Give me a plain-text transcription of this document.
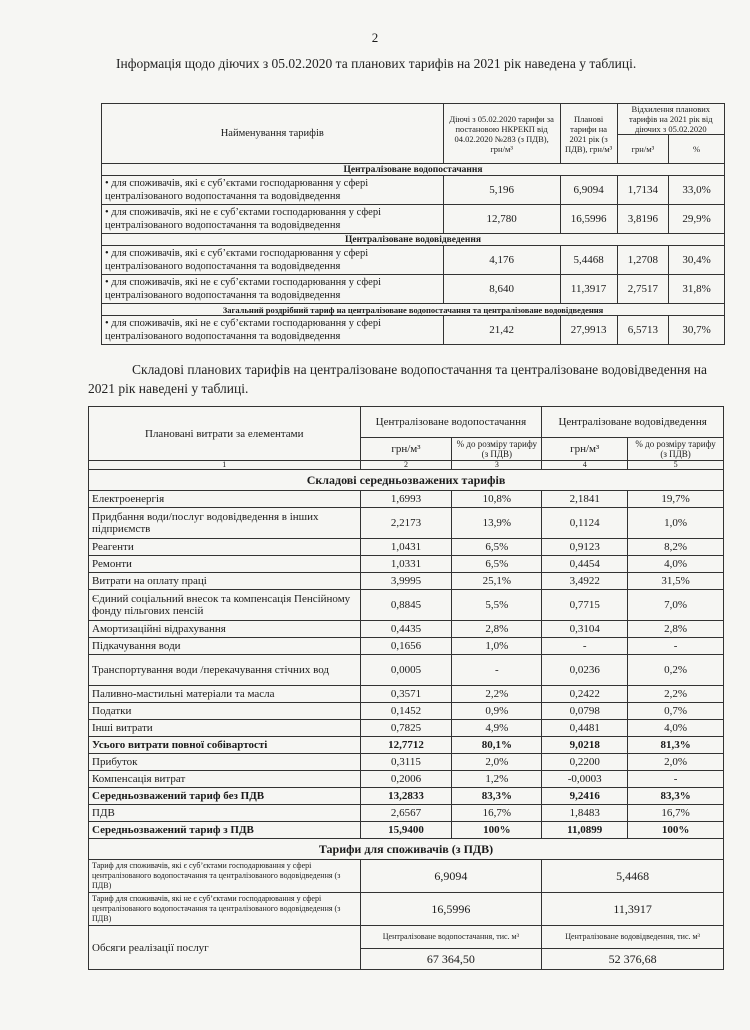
2
Інформація щодо діючих з 05.02.2020 та планових тарифів на 2021 рік наведена у таблиці.
Найменування тарифів	Діючі з 05.02.2020 тарифи за постановою НКРЕКП від 04.02.2020 №283 (з ПДВ), грн/м³	Планові тарифи на 2021 рік (з ПДВ), грн/м³	Відхилення планових тарифів на 2021 рік від діючих з 05.02.2020	
			грн/м³	%
Централізоване водопостачання				
• для споживачів, які є суб’єктами господарювання у сфері централізованого водопостачання та водовідведення	5,196	6,9094	1,7134	33,0%
• для споживачів, які не є суб’єктами господарювання у сфері централізованого водопостачання та водовідведення	12,780	16,5996	3,8196	29,9%
Централізоване водовідведення				
• для споживачів, які є суб’єктами господарювання у сфері централізованого водопостачання та водовідведення	4,176	5,4468	1,2708	30,4%
• для споживачів, які не є суб’єктами господарювання у сфері централізованого водопостачання та водовідведення	8,640	11,3917	2,7517	31,8%
Загальний роздрібний тариф на централізоване водопостачання та централізоване водовідведення				
• для споживачів, які не є суб’єктами господарювання у сфері централізованого водопостачання та водовідведення	21,42	27,9913	6,5713	30,7%
Складові планових тарифів на централізоване водопостачання та централізоване водовідведення на 2021 рік наведені у таблиці.
Плановані витрати за елементами	Централізоване водопостачання		Централізоване водовідведення	
	грн/м³	% до розміру тарифу (з ПДВ)	грн/м³	% до розміру тарифу (з ПДВ)
1	2	3	4	5
Складові середньозважених тарифів				
Електроенергія	1,6993	10,8%	2,1841	19,7%
Придбання води/послуг водовідведення в інших підприємств	2,2173	13,9%	0,1124	1,0%
Реагенти	1,0431	6,5%	0,9123	8,2%
Ремонти	1,0331	6,5%	0,4454	4,0%
Витрати на оплату праці	3,9995	25,1%	3,4922	31,5%
Єдиний соціальний внесок та компенсація Пенсійному фонду пільгових пенсій	0,8845	5,5%	0,7715	7,0%
Амортизаційні відрахування	0,4435	2,8%	0,3104	2,8%
Підкачування води	0,1656	1,0%	-	-
Транспортування води /перекачування стічних вод	0,0005	-	0,0236	0,2%
Паливно-мастильні матеріали та масла	0,3571	2,2%	0,2422	2,2%
Податки	0,1452	0,9%	0,0798	0,7%
Інші витрати	0,7825	4,9%	0,4481	4,0%
Усього витрати повної собівартості	12,7712	80,1%	9,0218	81,3%
Прибуток	0,3115	2,0%	0,2200	2,0%
Компенсація витрат	0,2006	1,2%	-0,0003	-
Середньозважений тариф без ПДВ	13,2833	83,3%	9,2416	83,3%
ПДВ	2,6567	16,7%	1,8483	16,7%
Середньозважений тариф з ПДВ	15,9400	100%	11,0899	100%
Тарифи для споживачів (з ПДВ)				
Тариф для споживачів, які є суб’єктами господарювання у сфері централізованого водопостачання та централізованого водовідведення (з ПДВ)	6,9094		5,4468	
Тариф для споживачів, які не є суб’єктами господарювання у сфері централізованого водопостачання та централізованого водовідведення (з ПДВ)	16,5996		11,3917	
Обсяги реалізації послуг	Централізоване водопостачання, тис. м³		Централізоване водовідведення, тис. м³	
	67 364,50		52 376,68	
